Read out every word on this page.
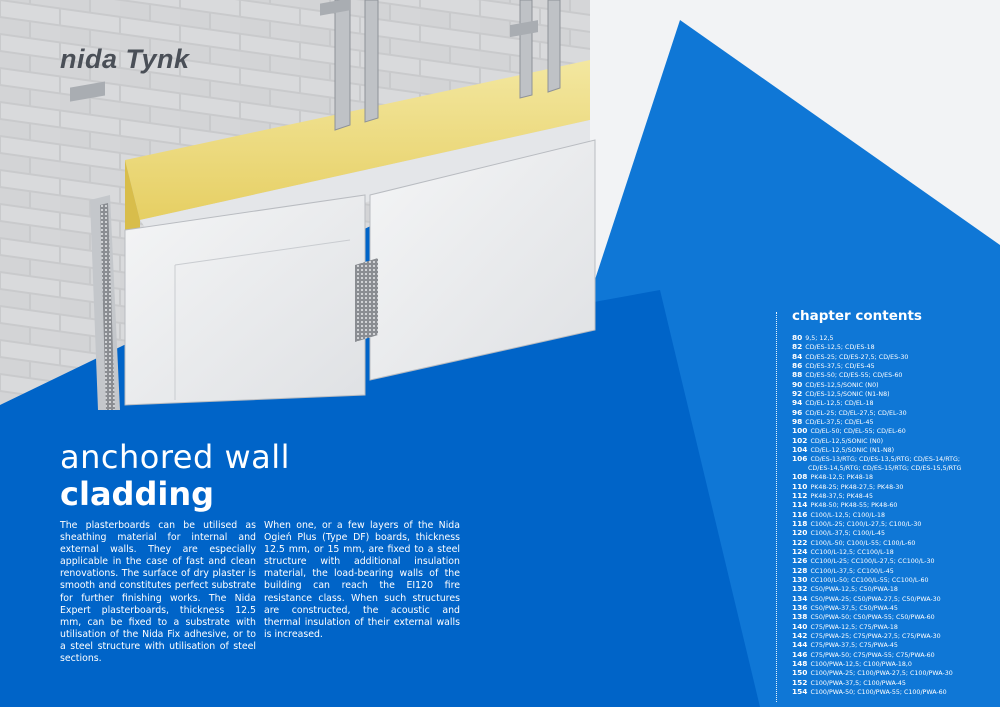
nida Tynk
anchored wall
cladding
The plasterboards can be utilised as sheathing material for internal and external walls. They are especially applicable in the case of fast and clean renovations. The surface of dry plaster is smooth and constitutes perfect substrate for further finishing works. The Nida Expert plasterboards, thickness 12.5 mm, can be fixed to a substrate with utilisation of the Nida Fix adhesive, or to a steel structure with utilisation of steel sections.
When one, or a few layers of the Nida Ogień Plus (Type DF) boards, thickness 12.5 mm, or 15 mm, are fixed to a steel structure with additional insulation material, the load-bearing walls of the building can reach the EI120 fire resistance class. When such structures are constructed, the acoustic and thermal insulation of their external walls is increased.
chapter contents
80 9,5; 12,5
82 CD/ES-12,5; CD/ES-18
84 CD/ES-25; CD/ES-27,5; CD/ES-30
86 CD/ES-37,5; CD/ES-45
88 CD/ES-50; CD/ES-55; CD/ES-60
90 CD/ES-12,5/SONIC (N0)
92 CD/ES-12,5/SONIC (N1-N8)
94 CD/EL-12,5; CD/EL-18
96 CD/EL-25; CD/EL-27,5; CD/EL-30
98 CD/EL-37,5; CD/EL-45
100 CD/EL-50; CD/EL-55; CD/EL-60
102 CD/EL-12,5/SONIC (N0)
104 CD/EL-12,5/SONIC (N1-N8)
106 CD/ES-13/RTG; CD/ES-13,5/RTG; CD/ES-14/RTG;
CD/ES-14,5/RTG; CD/ES-15/RTG; CD/ES-15,5/RTG
108 PK48-12,5; PK48-18
110 PK48-25; PK48-27,5; PK48-30
112 PK48-37,5; PK48-45
114 PK48-50; PK48-55; PK48-60
116 C100/L-12,5; C100/L-18
118 C100/L-25; C100/L-27,5; C100/L-30
120 C100/L-37,5; C100/L-45
122 C100/L-50; C100/L-55; C100/L-60
124 CC100/L-12,5; CC100/L-18
126 CC100/L-25; CC100/L-27,5; CC100/L-30
128 CC100/L-37,5; CC100/L-45
130 CC100/L-50; CC100/L-55; CC100/L-60
132 C50/PWA-12,5; C50/PWA-18
134 C50/PWA-25; C50/PWA-27,5; C50/PWA-30
136 C50/PWA-37,5; C50/PWA-45
138 C50/PWA-50; C50/PWA-55; C50/PWA-60
140 C75/PWA-12,5; C75/PWA-18
142 C75/PWA-25; C75/PWA-27,5; C75/PWA-30
144 C75/PWA-37,5; C75/PWA-45
146 C75/PWA-50; C75/PWA-55; C75/PWA-60
148 C100/PWA-12,5; C100/PWA-18,0
150 C100/PWA-25; C100/PWA-27,5; C100/PWA-30
152 C100/PWA-37,5; C100/PWA-45
154 C100/PWA-50; C100/PWA-55; C100/PWA-60
